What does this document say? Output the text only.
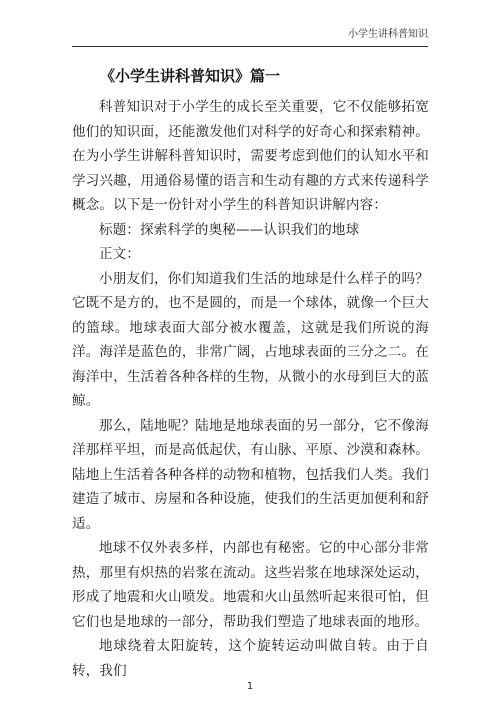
小学生讲科普知识
《小学生讲科普知识》篇一

科普知识对于小学生的成长至关重要，它不仅能够拓宽他们的知识面，还能激发他们对科学的好奇心和探索精神。在为小学生讲解科普知识时，需要考虑到他们的认知水平和学习兴趣，用通俗易懂的语言和生动有趣的方式来传递科学概念。以下是一份针对小学生的科普知识讲解内容：

标题：探索科学的奥秘——认识我们的地球

正文：

小朋友们，你们知道我们生活的地球是什么样子的吗？它既不是方的，也不是圆的，而是一个球体，就像一个巨大的篮球。地球表面大部分被水覆盖，这就是我们所说的海洋。海洋是蓝色的，非常广阔，占地球表面的三分之二。在海洋中，生活着各种各样的生物，从微小的水母到巨大的蓝鲸。

那么，陆地呢？陆地是地球表面的另一部分，它不像海洋那样平坦，而是高低起伏，有山脉、平原、沙漠和森林。陆地上生活着各种各样的动物和植物，包括我们人类。我们建造了城市、房屋和各种设施，使我们的生活更加便利和舒适。

地球不仅外表多样，内部也有秘密。它的中心部分非常热，那里有炽热的岩浆在流动。这些岩浆在地球深处运动，形成了地震和火山喷发。地震和火山虽然听起来很可怕，但它们也是地球的一部分，帮助我们塑造了地球表面的地形。

地球绕着太阳旋转，这个旋转运动叫做自转。由于自转，我们

1
